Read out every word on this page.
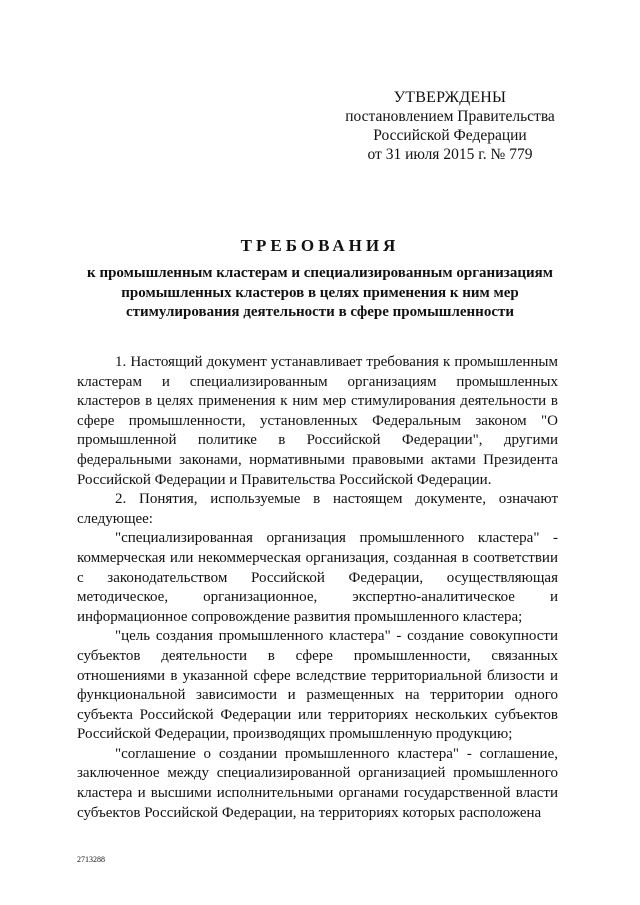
УТВЕРЖДЕНЫ
постановлением Правительства
Российской Федерации
от 31 июля 2015 г. № 779
ТРЕБОВАНИЯ
к промышленным кластерам и специализированным организациям промышленных кластеров в целях применения к ним мер стимулирования деятельности в сфере промышленности

1. Настоящий документ устанавливает требования к промышленным кластерам и специализированным организациям промышленных кластеров в целях применения к ним мер стимулирования деятельности в сфере промышленности, установленных Федеральным законом "О промышленной политике в Российской Федерации", другими федеральными законами, нормативными правовыми актами Президента Российской Федерации и Правительства Российской Федерации.

2. Понятия, используемые в настоящем документе, означают следующее:

"специализированная организация промышленного кластера" - коммерческая или некоммерческая организация, созданная в соответствии с законодательством Российской Федерации, осуществляющая методическое, организационное, экспертно-аналитическое и информационное сопровождение развития промышленного кластера;

"цель создания промышленного кластера" - создание совокупности субъектов деятельности в сфере промышленности, связанных отношениями в указанной сфере вследствие территориальной близости и функциональной зависимости и размещенных на территории одного субъекта Российской Федерации или территориях нескольких субъектов Российской Федерации, производящих промышленную продукцию;

"соглашение о создании промышленного кластера" - соглашение, заключенное между специализированной организацией промышленного кластера и высшими исполнительными органами государственной власти субъектов Российской Федерации, на территориях которых расположена

2713288
